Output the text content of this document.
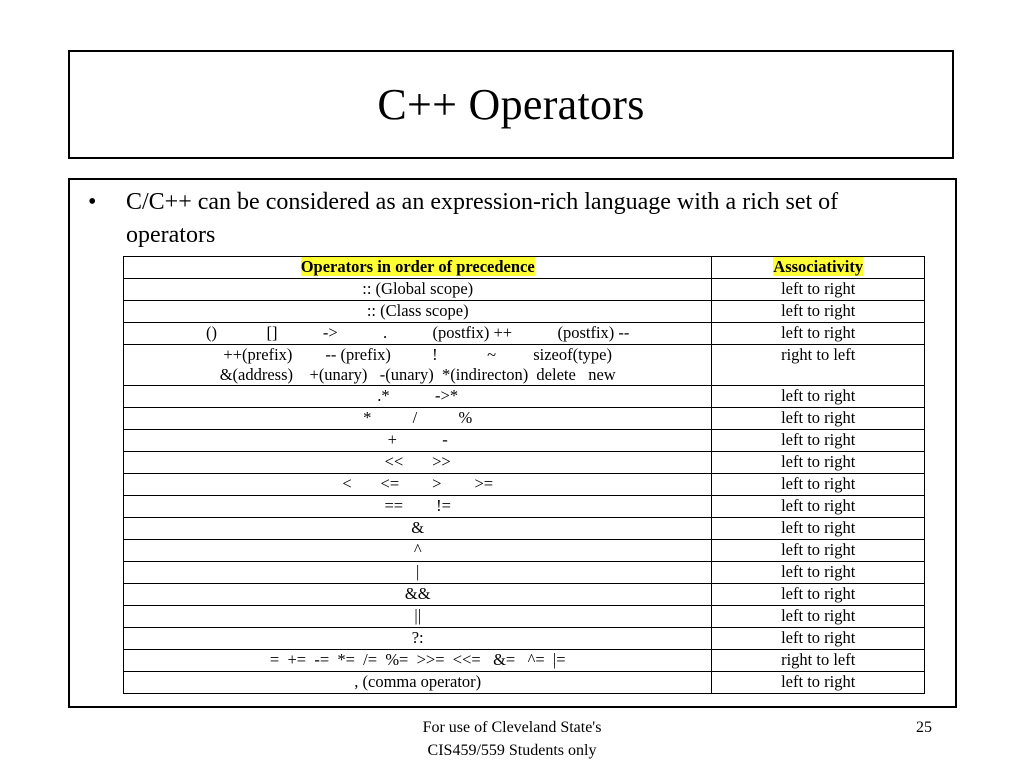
C++ Operators
•	C/C++ can be considered as an expression-rich language with a rich set of operators
Operators in order of precedence	Associativity
:: (Global scope)	left to right
:: (Class scope)	left to right
()            []           ->           .           (postfix) ++           (postfix) --	left to right
++(prefix)        -- (prefix)          !            ~         sizeof(type)
&(address)    +(unary)   -(unary)  *(indirecton)  delete   new	right to left
.*           ->*	left to right
*          /          %	left to right
+           -	left to right
<<       >>	left to right
<       <=        >        >=	left to right
==        !=	left to right
&	left to right
^	left to right
|	left to right
&&	left to right
||	left to right
?:	left to right
=  +=  -=  *=  /=  %=  >>=  <<=   &=   ^=  |=	right to left
, (comma operator)	left to right
For use of Cleveland State's
CIS459/559 Students only
25
